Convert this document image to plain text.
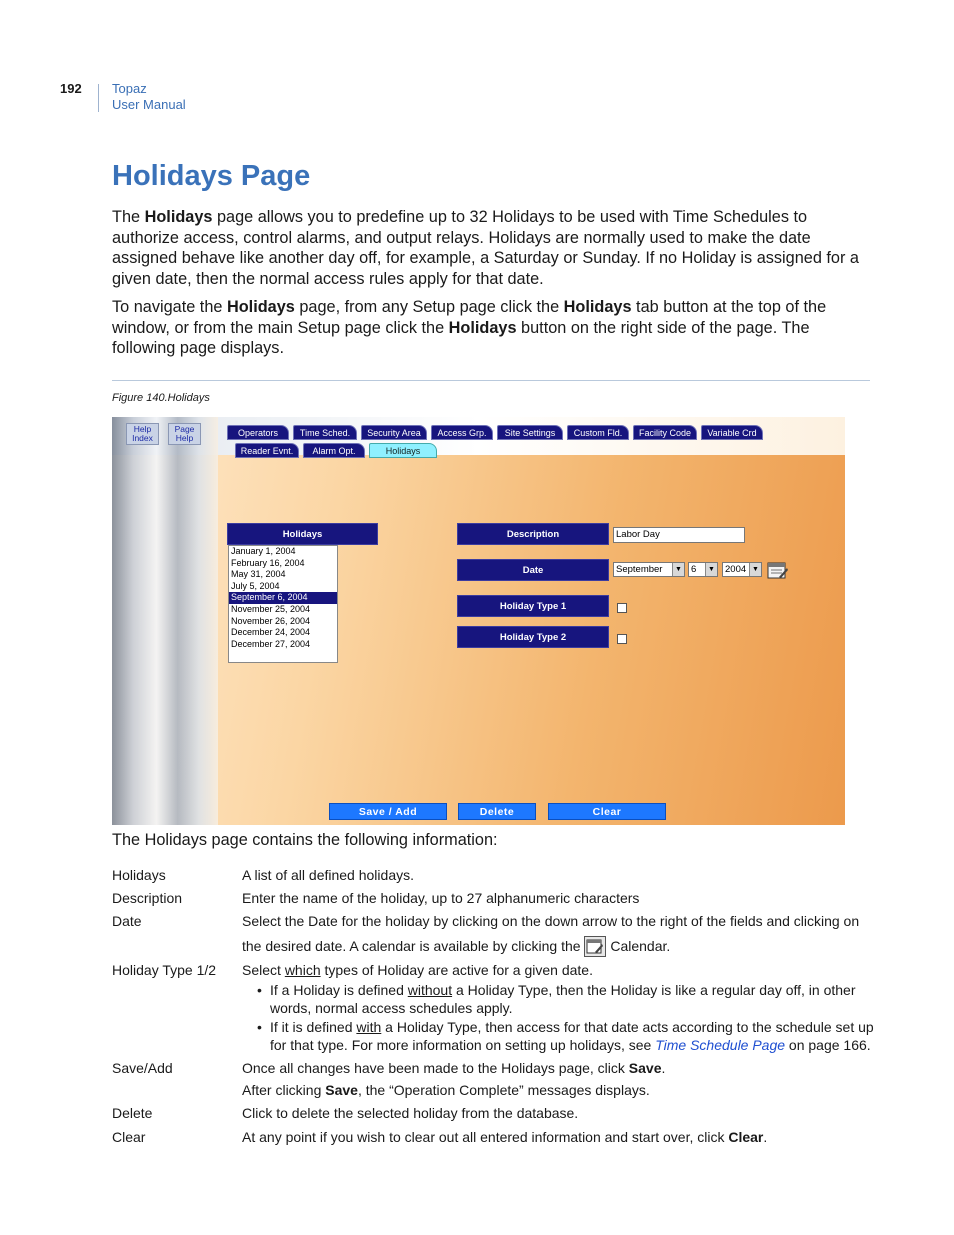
192 Topaz
User Manual
Holidays Page

The Holidays page allows you to predefine up to 32 Holidays to be used with Time Schedules to authorize access, control alarms, and output relays. Holidays are normally used to make the date assigned behave like another day off, for example, a Saturday or Sunday. If no Holiday is assigned for a given date, then the normal access rules apply for that date.

To navigate the Holidays page, from any Setup page click the Holidays tab button at the top of the window, or from the main Setup page click the Holidays button on the right side of the page. The following page displays.

Figure 140.Holidays
Help Index
Page Help	Operators	Time Sched.	Security Area	Access Grp.	Site Settings	Custom Fld.	Facility Code	Variable Crd
Reader Evnt.	Alarm Opt.	Holidays
Holidays
January 1, 2004
February 16, 2004
May 31, 2004
July 5, 2004
September 6, 2004
November 25, 2004
November 26, 2004
December 24, 2004
December 27, 2004
Description	Labor Day
Date	September	▼ 6	▼	2004 ▼
Holiday Type 1
Holiday Type 2
Save / Add	Delete	Clear
The Holidays page contains the following information:
Holidays	A list of all defined holidays.
Description	Enter the name of the holiday, up to 27 alphanumeric characters
Date	Select the Date for the holiday by clicking on the down arrow to the right of the fields and clicking on
the desired date. A calendar is available by clicking the  Calendar.
Holiday Type 1/2 Select which types of Holiday are active for a given date.
• If a Holiday is defined without a Holiday Type, then the Holiday is like a regular day off, in other words, normal access schedules apply.
• If it is defined with a Holiday Type, then access for that date acts according to the schedule set up for that type. For more information on setting up holidays, see Time Schedule Page on page 166.
Save/Add	Once all changes have been made to the Holidays page, click Save.
After clicking Save, the “Operation Complete” messages displays.
Delete	Click to delete the selected holiday from the database.
Clear	At any point if you wish to clear out all entered information and start over, click Clear.
